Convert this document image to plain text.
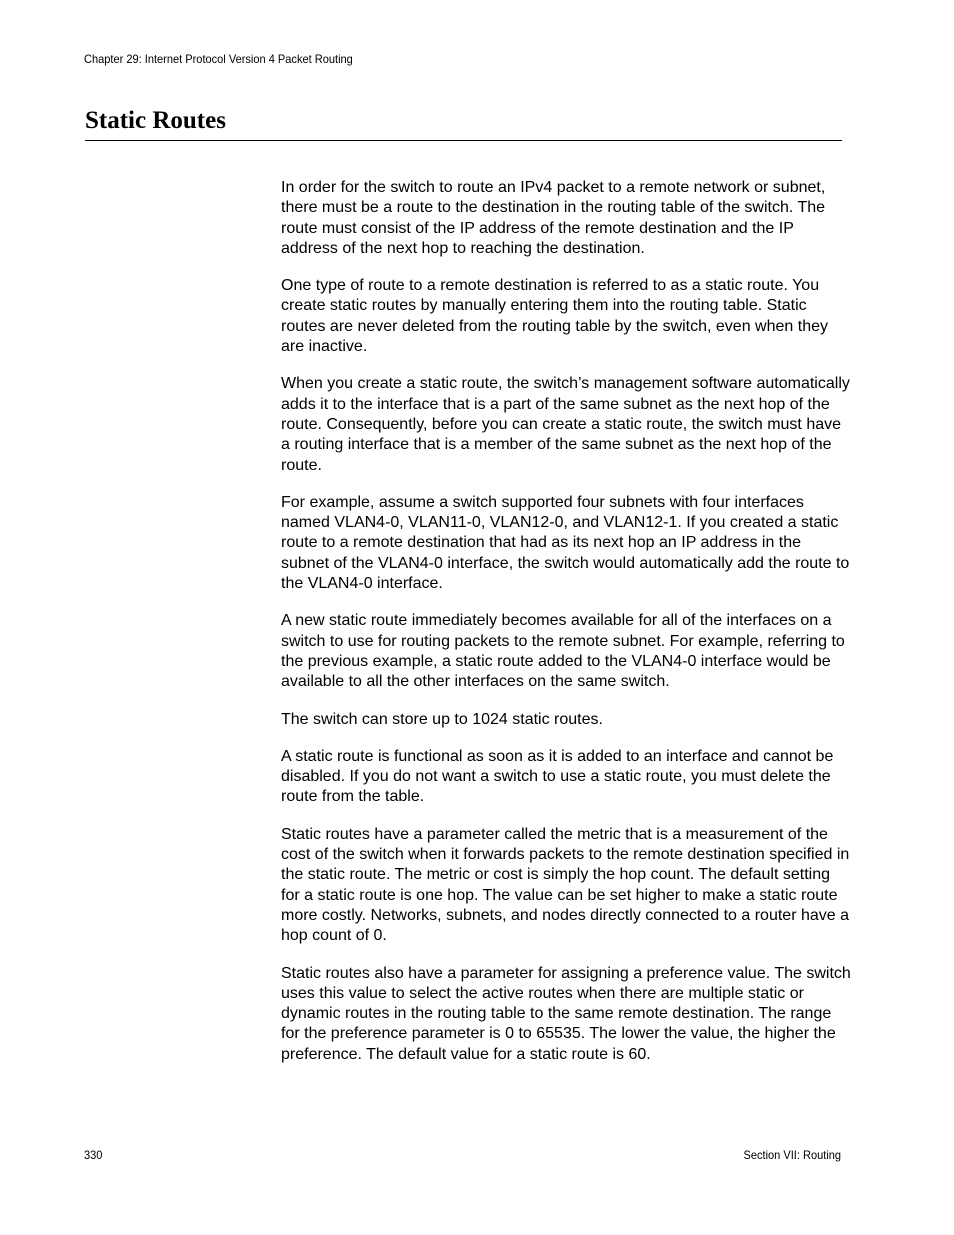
Chapter 29: Internet Protocol Version 4 Packet Routing
Static Routes

In order for the switch to route an IPv4 packet to a remote network or subnet, there must be a route to the destination in the routing table of the switch. The route must consist of the IP address of the remote destination and the IP address of the next hop to reaching the destination.

One type of route to a remote destination is referred to as a static route. You create static routes by manually entering them into the routing table. Static routes are never deleted from the routing table by the switch, even when they are inactive.

When you create a static route, the switch’s management software automatically adds it to the interface that is a part of the same subnet as the next hop of the route. Consequently, before you can create a static route, the switch must have a routing interface that is a member of the same subnet as the next hop of the route.

For example, assume a switch supported four subnets with four interfaces named VLAN4-0, VLAN11-0, VLAN12-0, and VLAN12-1. If you created a static route to a remote destination that had as its next hop an IP address in the subnet of the VLAN4-0 interface, the switch would automatically add the route to the VLAN4-0 interface.

A new static route immediately becomes available for all of the interfaces on a switch to use for routing packets to the remote subnet. For example, referring to the previous example, a static route added to the VLAN4-0 interface would be available to all the other interfaces on the same switch.

The switch can store up to 1024 static routes.

A static route is functional as soon as it is added to an interface and cannot be disabled. If you do not want a switch to use a static route, you must delete the route from the table.

Static routes have a parameter called the metric that is a measurement of the cost of the switch when it forwards packets to the remote destination specified in the static route. The metric or cost is simply the hop count. The default setting for a static route is one hop. The value can be set higher to make a static route more costly. Networks, subnets, and nodes directly connected to a router have a hop count of 0.

Static routes also have a parameter for assigning a preference value. The switch uses this value to select the active routes when there are multiple static or dynamic routes in the routing table to the same remote destination. The range for the preference parameter is 0 to 65535. The lower the value, the higher the preference. The default value for a static route is 60.

330	Section VII: Routing
